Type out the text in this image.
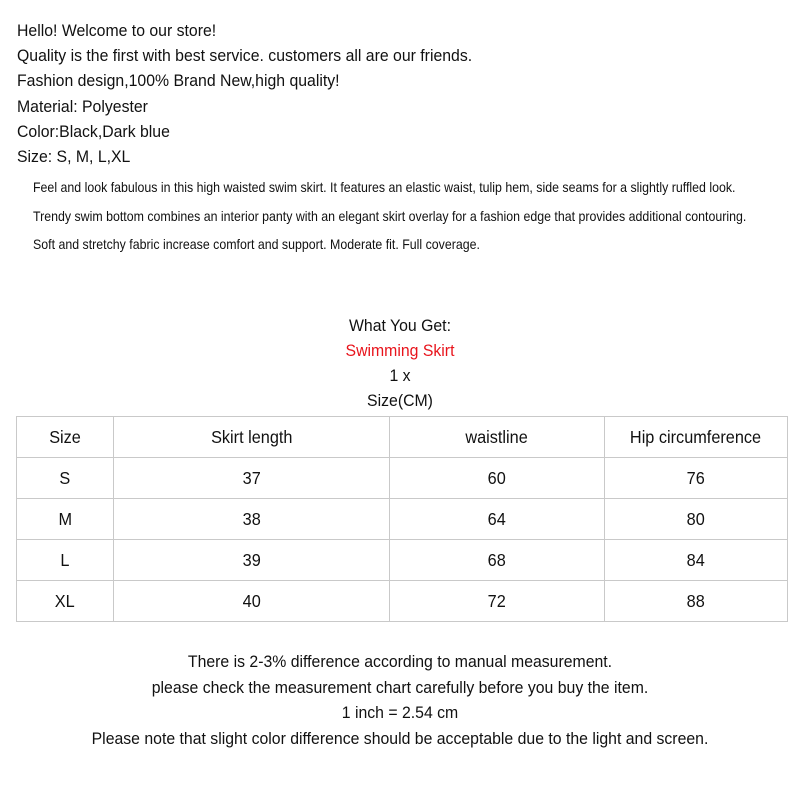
Hello! Welcome to our store!
Quality is the first with best service. customers all are our friends.
Fashion design,100% Brand New,high quality!
Material: Polyester
Color:Black,Dark blue
Size: S, M, L,XL
Feel and look fabulous in this high waisted swim skirt. It features an elastic waist, tulip hem, side seams for a slightly ruffled look.
Trendy swim bottom combines an interior panty with an elegant skirt overlay for a fashion edge that provides additional contouring.
Soft and stretchy fabric increase comfort and support. Moderate fit. Full coverage.
What You Get:
Swimming Skirt
1 x
Size(CM)
Size	Skirt length	waistline	Hip circumference
S	37	60	76
M	38	64	80
L	39	68	84
XL	40	72	88
There is 2-3% difference according to manual measurement.
please check the measurement chart carefully before you buy the item.
1 inch = 2.54 cm
Please note that slight color difference should be acceptable due to the light and screen.
